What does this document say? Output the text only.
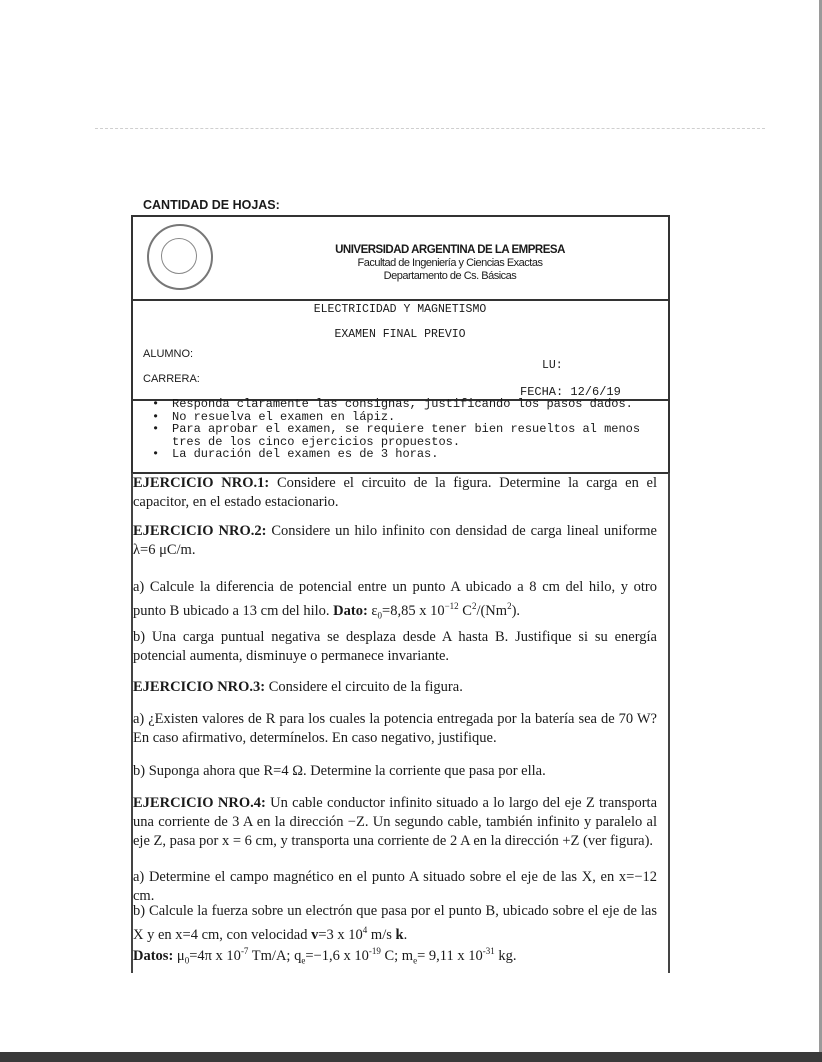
CANTIDAD DE HOJAS:
UNIVERSIDAD ARGENTINA DE LA EMPRESA
Facultad de Ingeniería y Ciencias Exactas
Departamento de Cs. Básicas
ELECTRICIDAD Y MAGNETISMO
EXAMEN FINAL PREVIO
ALUMNO:
LU:
CARRERA:
FECHA: 12/6/19
• Responda claramente las consignas, justificando los pasos dados.
• No resuelva el examen en lápiz.
• Para aprobar el examen, se requiere tener bien resueltos al menos tres de los cinco ejercicios propuestos.
• La duración del examen es de 3 horas.
EJERCICIO NRO.1: Considere el circuito de la figura. Determine la carga en el capacitor, en el estado estacionario.
EJERCICIO NRO.2: Considere un hilo infinito con densidad de carga lineal uniforme λ=6 μC/m.
a) Calcule la diferencia de potencial entre un punto A ubicado a 8 cm del hilo, y otro punto B ubicado a 13 cm del hilo. Dato: $\varepsilon_0=8,85$ x $10^{-12}$ $C^2/(Nm^2)$.
b) Una carga puntual negativa se desplaza desde A hasta B. Justifique si su energía potencial aumenta, disminuye o permanece invariante.
EJERCICIO NRO.3: Considere el circuito de la figura.
a) ¿Existen valores de R para los cuales la potencia entregada por la batería sea de 70 W? En caso afirmativo, determínelos. En caso negativo, justifique.
b) Suponga ahora que R=4 Ω. Determine la corriente que pasa por ella.
EJERCICIO NRO.4: Un cable conductor infinito situado a lo largo del eje Z transporta una corriente de 3 A en la dirección −Z. Un segundo cable, también infinito y paralelo al eje Z, pasa por x = 6 cm, y transporta una corriente de 2 A en la dirección +Z (ver figura).
a) Determine el campo magnético en el punto A situado sobre el eje de las X, en x=−12 cm.
b) Calcule la fuerza sobre un electrón que pasa por el punto B, ubicado sobre el eje de las X y en x=4 cm, con velocidad v=3 x $10^4$ m/s k.
Datos: $\mu_0=4\pi$ x $10^{-7}$ Tm/A; $q_e=-1,6$ x $10^{-19}$ C; $m_e= 9,11$ x $10^{-31}$ kg.
